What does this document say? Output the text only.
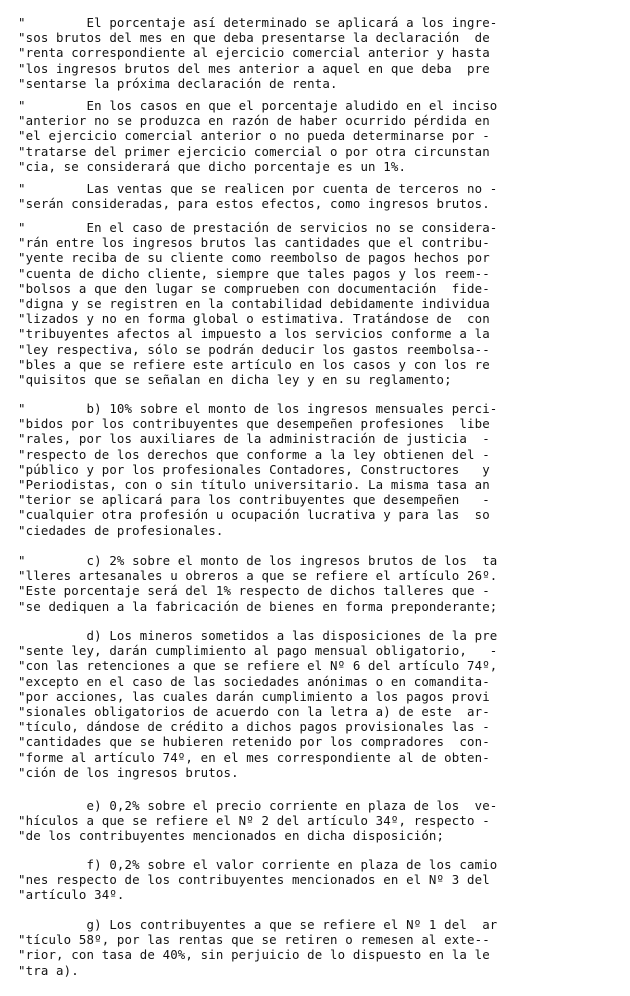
"        El porcentaje así determinado se aplicará a los ingre-
"sos brutos del mes en que deba presentarse la declaración  de
"renta correspondiente al ejercicio comercial anterior y hasta
"los ingresos brutos del mes anterior a aquel en que deba  pre
"sentarse la próxima declaración de renta.
"        En los casos en que el porcentaje aludido en el inciso
"anterior no se produzca en razón de haber ocurrido pérdida en
"el ejercicio comercial anterior o no pueda determinarse por -
"tratarse del primer ejercicio comercial o por otra circunstan
"cia, se considerará que dicho porcentaje es un 1%.
"        Las ventas que se realicen por cuenta de terceros no -
"serán consideradas, para estos efectos, como ingresos brutos.
"        En el caso de prestación de servicios no se considera-
"rán entre los ingresos brutos las cantidades que el contribu-
"yente reciba de su cliente como reembolso de pagos hechos por
"cuenta de dicho cliente, siempre que tales pagos y los reem--
"bolsos a que den lugar se comprueben con documentación  fide-
"digna y se registren en la contabilidad debidamente individua
"lizados y no en forma global o estimativa. Tratándose de  con
"tribuyentes afectos al impuesto a los servicios conforme a la
"ley respectiva, sólo se podrán deducir los gastos reembolsa--
"bles a que se refiere este artículo en los casos y con los re
"quisitos que se señalan en dicha ley y en su reglamento;
"        b) 10% sobre el monto de los ingresos mensuales perci-
"bidos por los contribuyentes que desempeñen profesiones  libe
"rales, por los auxiliares de la administración de justicia  -
"respecto de los derechos que conforme a la ley obtienen del -
"público y por los profesionales Contadores, Constructores   y
"Periodistas, con o sin título universitario. La misma tasa an
"terior se aplicará para los contribuyentes que desempeñen   -
"cualquier otra profesión u ocupación lucrativa y para las  so
"ciedades de profesionales.
"        c) 2% sobre el monto de los ingresos brutos de los  ta
"lleres artesanales u obreros a que se refiere el artículo 26º.
"Este porcentaje será del 1% respecto de dichos talleres que -
"se dediquen a la fabricación de bienes en forma preponderante;
d) Los mineros sometidos a las disposiciones de la pre
"sente ley, darán cumplimiento al pago mensual obligatorio,   -
"con las retenciones a que se refiere el Nº 6 del artículo 74º,
"excepto en el caso de las sociedades anónimas o en comandita-
"por acciones, las cuales darán cumplimiento a los pagos provi
"sionales obligatorios de acuerdo con la letra a) de este  ar-
"tículo, dándose de crédito a dichos pagos provisionales las -
"cantidades que se hubieren retenido por los compradores  con-
"forme al artículo 74º, en el mes correspondiente al de obten-
"ción de los ingresos brutos.
e) 0,2% sobre el precio corriente en plaza de los  ve-
"hículos a que se refiere el Nº 2 del artículo 34º, respecto -
"de los contribuyentes mencionados en dicha disposición;
f) 0,2% sobre el valor corriente en plaza de los camio
"nes respecto de los contribuyentes mencionados en el Nº 3 del
"artículo 34º.
g) Los contribuyentes a que se refiere el Nº 1 del  ar
"tículo 58º, por las rentas que se retiren o remesen al exte--
"rior, con tasa de 40%, sin perjuicio de lo dispuesto en la le
"tra a).
